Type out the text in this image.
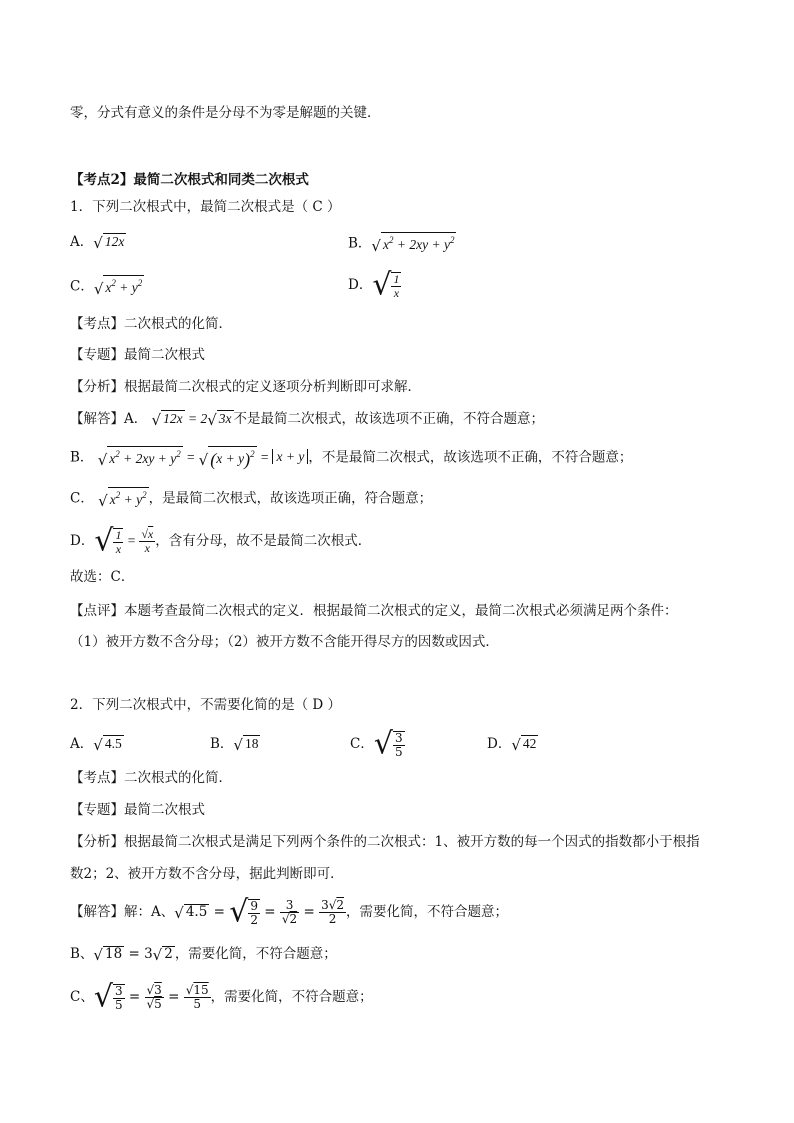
零，分式有意义的条件是分母不为零是解题的关键．
【考点2】最简二次根式和同类二次根式
1．下列二次根式中，最简二次根式是（ C ）
A．√ 12x	B．√ $x^2 + 2xy + y^2$
C．√ $x^2 + y^2$	D．√ $\frac{1}{x}$
【考点】二次根式的化简．
【专题】最简二次根式
【分析】根据最简二次根式的定义逐项分析判断即可求解．
【解答】A． √ 12x = 2√ 3x 不是最简二次根式，故该选项不正确，不符合题意；
B． √ $x^2 + 2xy + y^2$ = √ $(x + y)^2 = x + y$ ，不是最简二次根式，故该选项不正确，不符合题意；
C． √ $x^2 + y^2$ ，是最简二次根式，故该选项正确，符合题意；
D．√ $\frac{1}{x} = \frac{√x}{x}$ ，含有分母，故不是最简二次根式．
故选：C．
【点评】本题考查最简二次根式的定义．根据最简二次根式的定义，最简二次根式必须满足两个条件：
（1）被开方数不含分母；（2）被开方数不含能开得尽方的因数或因式．
2．下列二次根式中，不需要化简的是（ D ）
A．√ 4.5	B．√ 18	C．√ $\frac{3}{5}$	D．√ 42
【考点】二次根式的化简．
【专题】最简二次根式
【分析】根据最简二次根式是满足下列两个条件的二次根式：1、被开方数的每一个因式的指数都小于根指
数2；2、被开方数不含分母，据此判断即可．
【解答】解：A、√ 4.5 = √ $\frac{9}{2} = \frac{3}{√2} = \frac{3√2}{2}$ ，需要化简，不符合题意；
B、√ 18 = 3√ 2 ，需要化简，不符合题意；
C、√ $\frac{3}{5} = \frac{√3}{√5} = \frac{√15}{5}$ ，需要化简，不符合题意；
